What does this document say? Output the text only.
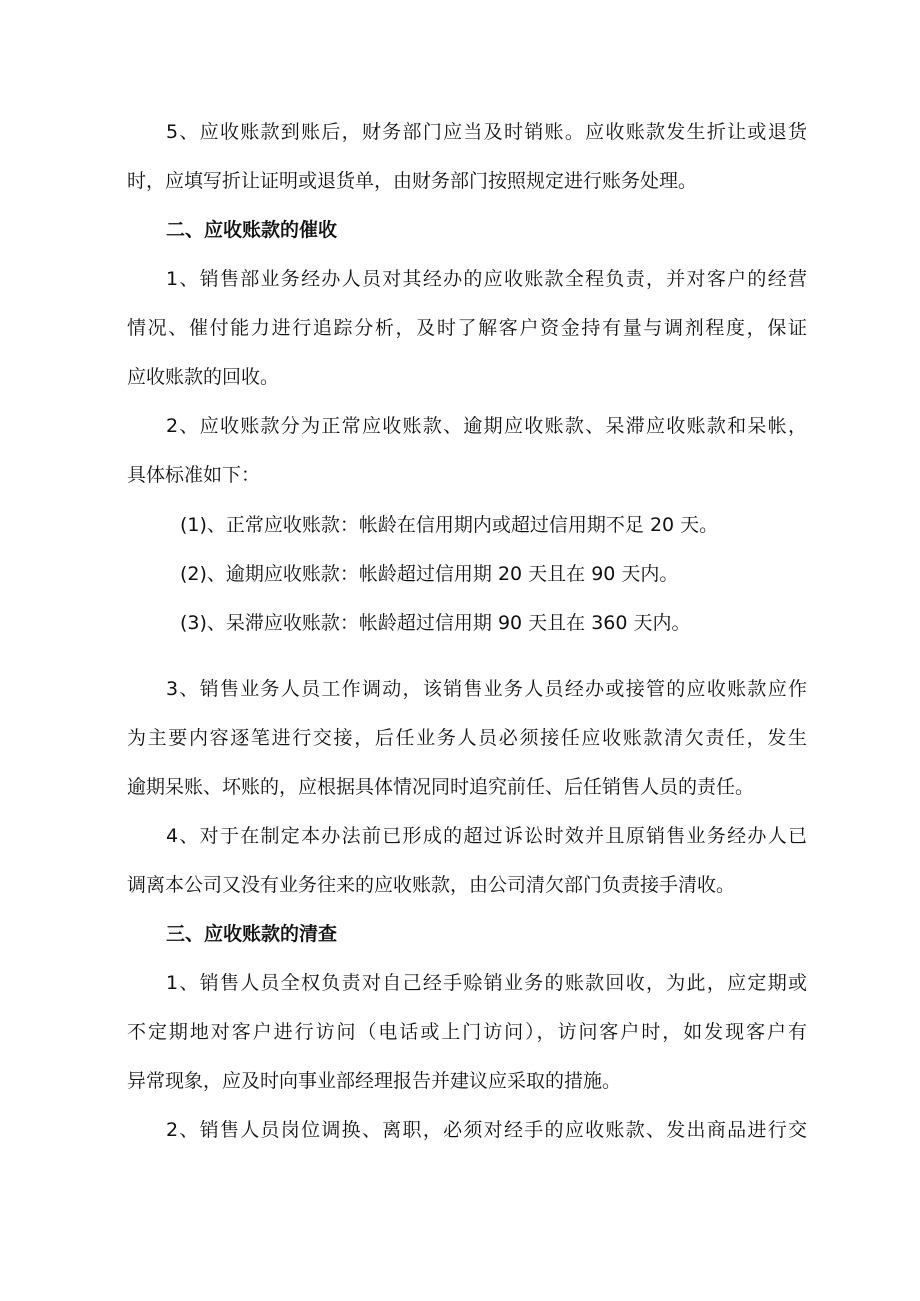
5、应收账款到账后，财务部门应当及时销账。应收账款发生折让或退货
时，应填写折让证明或退货单，由财务部门按照规定进行账务处理。
二、应收账款的催收
1、销售部业务经办人员对其经办的应收账款全程负责，并对客户的经营
情况、催付能力进行追踪分析，及时了解客户资金持有量与调剂程度，保证
应收账款的回收。
2、应收账款分为正常应收账款、逾期应收账款、呆滞应收账款和呆帐，
具体标准如下：
(1)、正常应收账款：帐龄在信用期内或超过信用期不足 20 天。
(2)、逾期应收账款：帐龄超过信用期 20 天且在 90 天内。
(3)、呆滞应收账款：帐龄超过信用期 90 天且在 360 天内。
3、销售业务人员工作调动，该销售业务人员经办或接管的应收账款应作
为主要内容逐笔进行交接，后任业务人员必须接任应收账款清欠责任，发生
逾期呆账、坏账的，应根据具体情况同时追究前任、后任销售人员的责任。
4、对于在制定本办法前已形成的超过诉讼时效并且原销售业务经办人已
调离本公司又没有业务往来的应收账款，由公司清欠部门负责接手清收。
三、应收账款的清查
1、销售人员全权负责对自己经手赊销业务的账款回收，为此，应定期或
不定期地对客户进行访问（电话或上门访问），访问客户时，如发现客户有
异常现象，应及时向事业部经理报告并建议应采取的措施。
2、销售人员岗位调换、离职，必须对经手的应收账款、发出商品进行交
